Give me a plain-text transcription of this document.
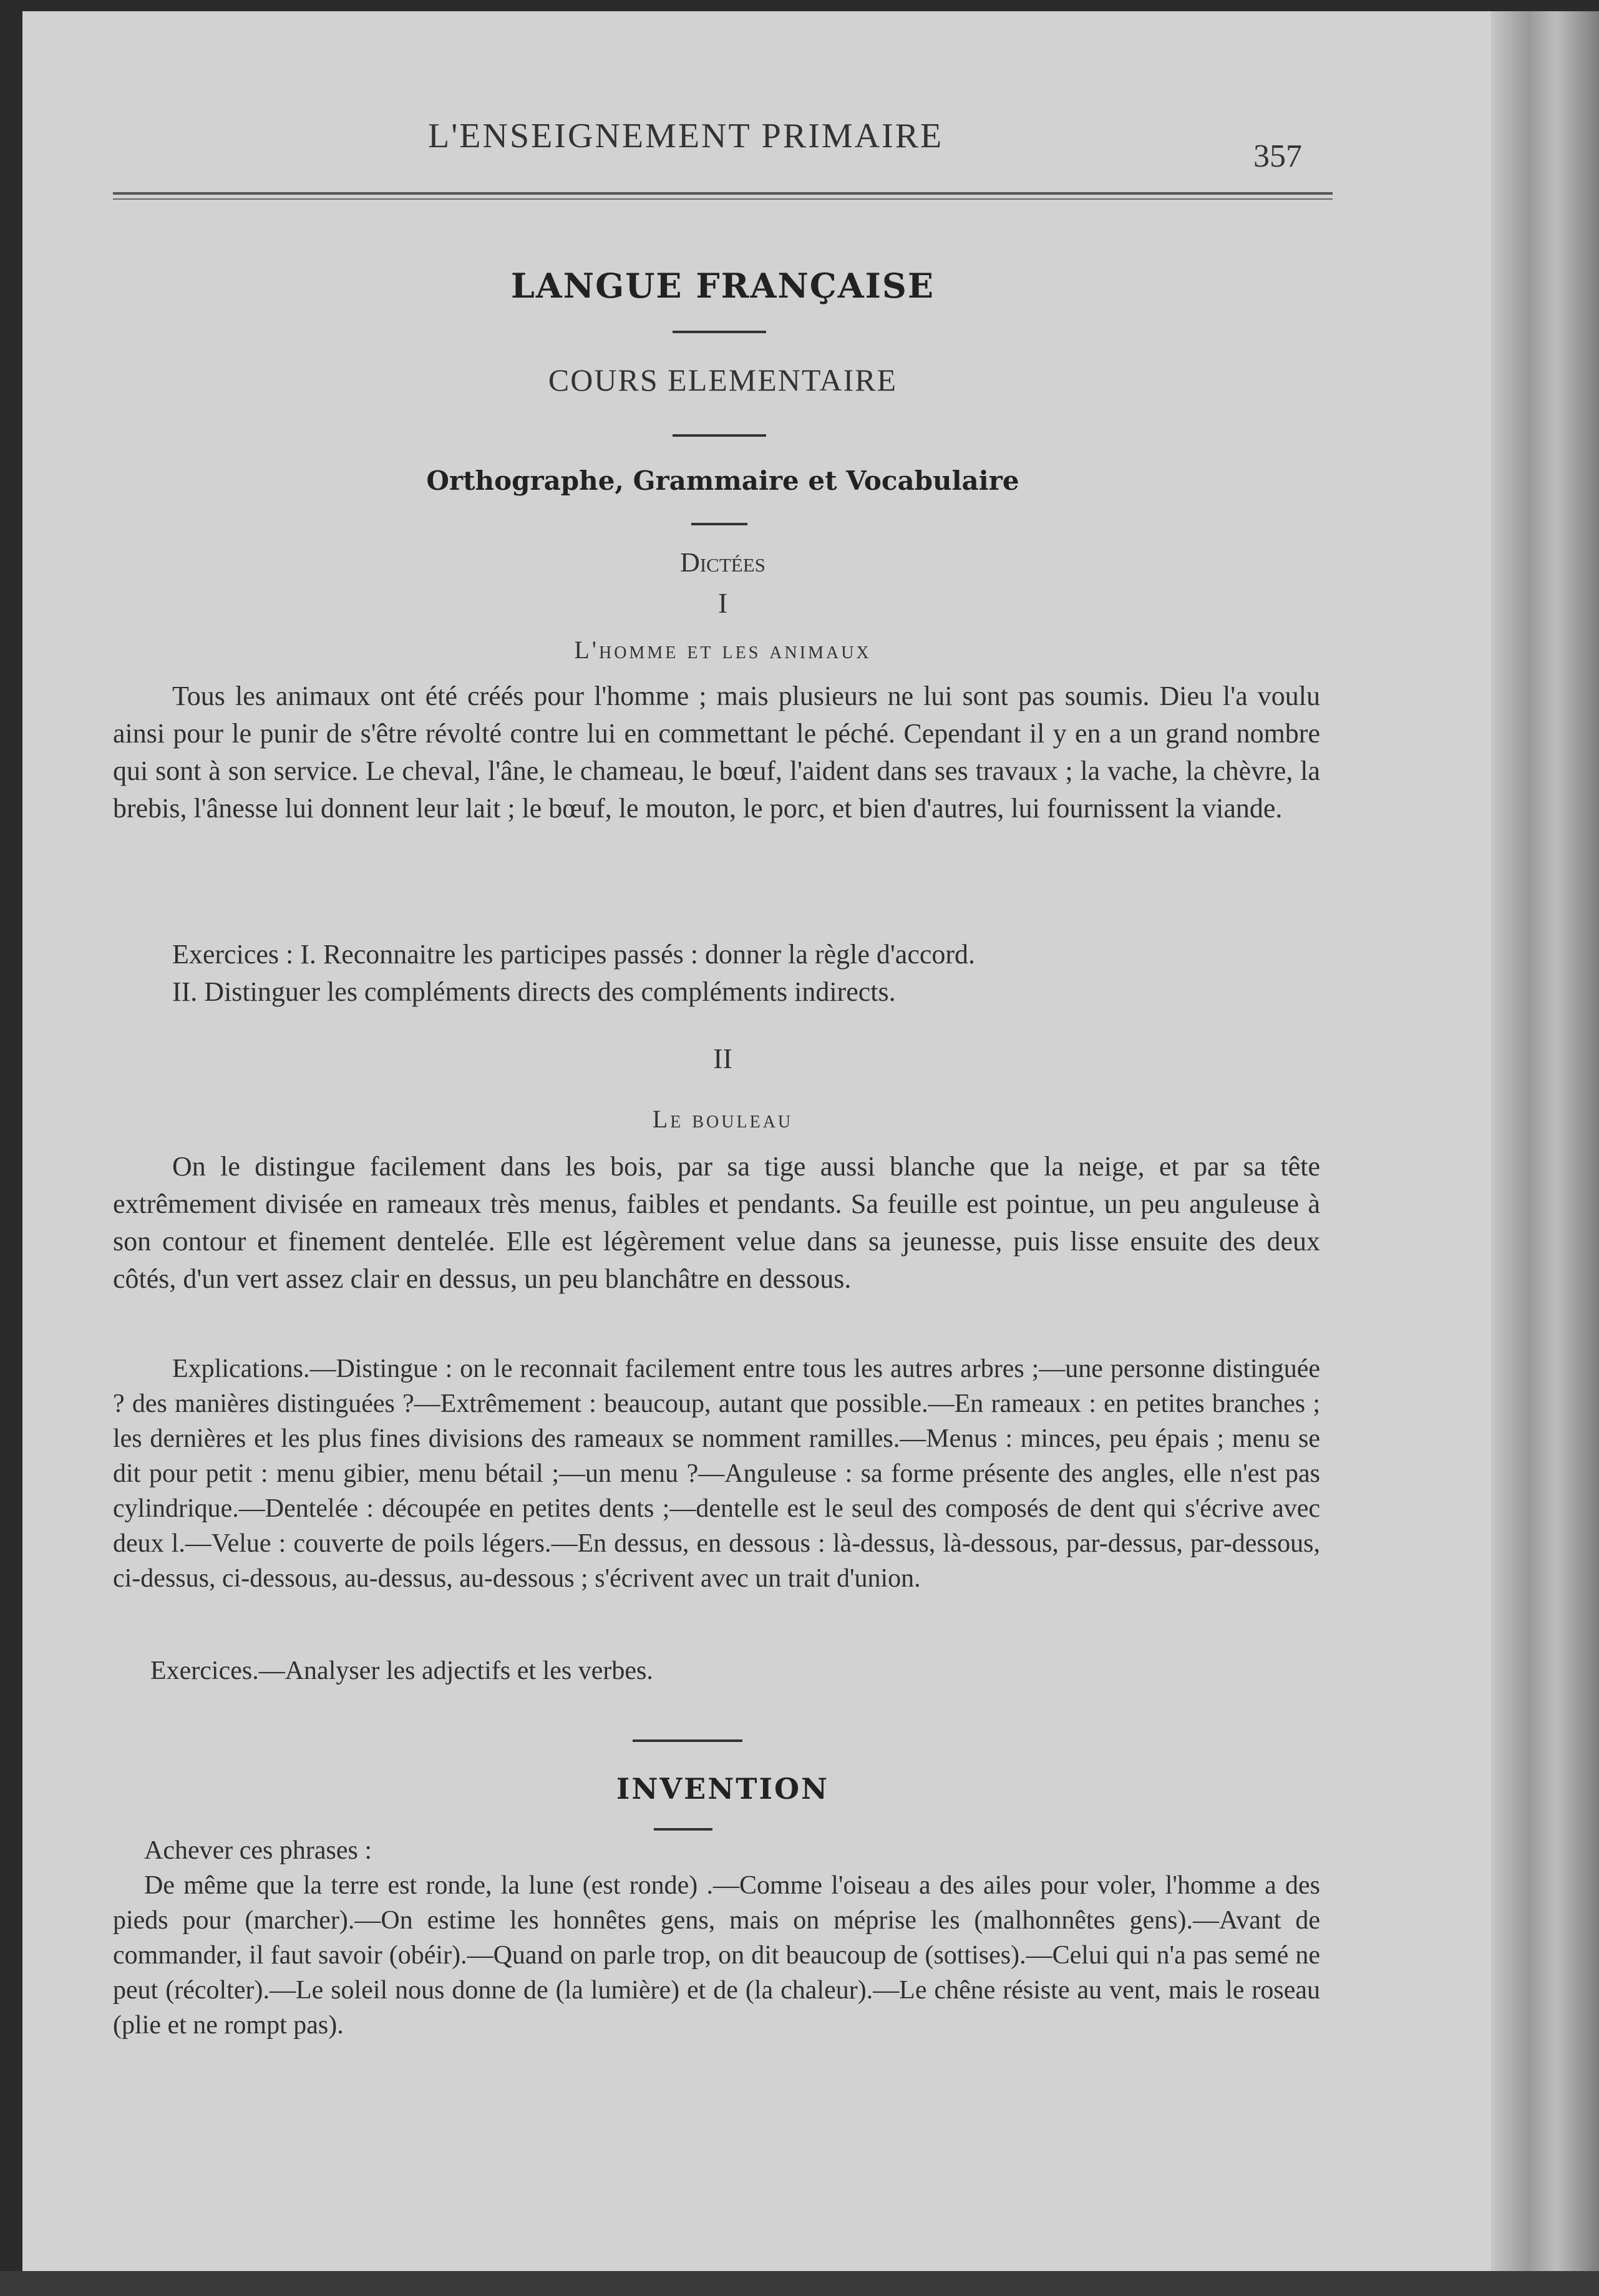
L'ENSEIGNEMENT PRIMAIRE
357
LANGUE FRANÇAISE
COURS ELEMENTAIRE
Orthographe, Grammaire et Vocabulaire
Dictées
I
L'homme et les animaux

Tous les animaux ont été créés pour l'homme ; mais plusieurs ne lui sont pas soumis. Dieu l'a voulu ainsi pour le punir de s'être révolté contre lui en commettant le péché. Cependant il y en a un grand nombre qui sont à son service. Le cheval, l'âne, le chameau, le bœuf, l'aident dans ses travaux ; la vache, la chèvre, la brebis, l'ânesse lui donnent leur lait ; le bœuf, le mouton, le porc, et bien d'autres, lui fournissent la viande.

Exercices : I. Reconnaitre les participes passés : donner la règle d'accord.

II. Distinguer les compléments directs des compléments indirects.

II
Le bouleau

On le distingue facilement dans les bois, par sa tige aussi blanche que la neige, et par sa tête extrêmement divisée en rameaux très menus, faibles et pendants. Sa feuille est pointue, un peu anguleuse à son contour et finement dentelée. Elle est légèrement velue dans sa jeunesse, puis lisse ensuite des deux côtés, d'un vert assez clair en dessus, un peu blanchâtre en dessous.

Explications.—Distingue : on le reconnait facilement entre tous les autres arbres ;—une personne distinguée ? des manières distinguées ?—Extrêmement : beaucoup, autant que possible.—En rameaux : en petites branches ; les dernières et les plus fines divisions des rameaux se nomment ramilles.—Menus : minces, peu épais ; menu se dit pour petit : menu gibier, menu bétail ;—un menu ?—Anguleuse : sa forme présente des angles, elle n'est pas cylindrique.—Dentelée : découpée en petites dents ;—dentelle est le seul des composés de dent qui s'écrive avec deux l.—Velue : couverte de poils légers.—En dessus, en dessous : là-dessus, là-dessous, par-dessus, par-dessous, ci-dessus, ci-dessous, au-dessus, au-dessous ; s'écrivent avec un trait d'union.

Exercices.—Analyser les adjectifs et les verbes.

INVENTION

Achever ces phrases :

De même que la terre est ronde, la lune (est ronde) .—Comme l'oiseau a des ailes pour voler, l'homme a des pieds pour (marcher).—On estime les honnêtes gens, mais on méprise les (malhonnêtes gens).—Avant de commander, il faut savoir (obéir).—Quand on parle trop, on dit beaucoup de (sottises).—Celui qui n'a pas semé ne peut (récolter).—Le soleil nous donne de (la lumière) et de (la chaleur).—Le chêne résiste au vent, mais le roseau (plie et ne rompt pas).
